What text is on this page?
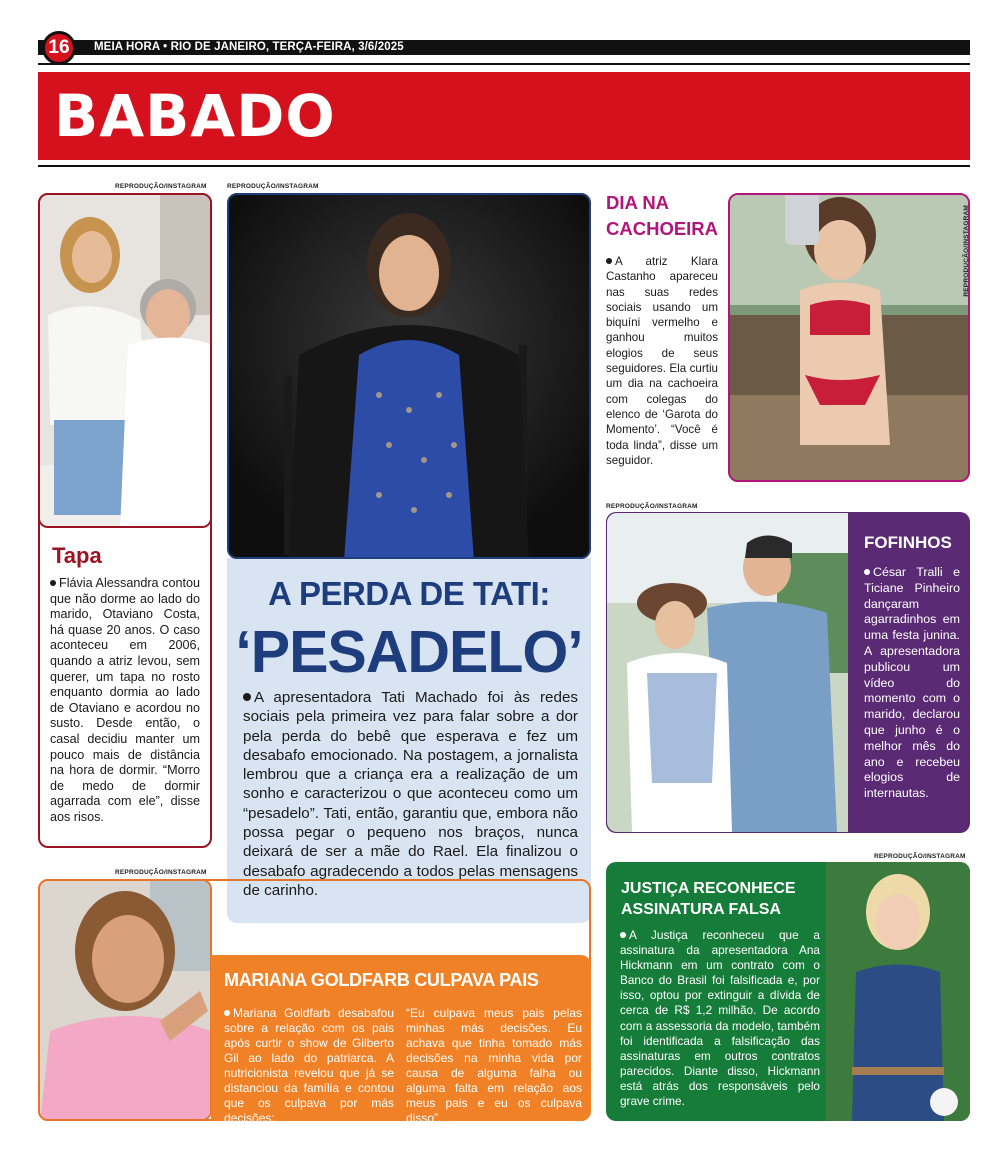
16	MEIA HORA • RIO DE JANEIRO, TERÇA-FEIRA, 3/6/2025
BABADO
REPRODUÇÃO/INSTAGRAM
Tapa
Flávia Alessandra contou que não dorme ao lado do marido, Otaviano Costa, há quase 20 anos. O caso aconteceu em 2006, quando a atriz levou, sem querer, um tapa no rosto enquanto dormia ao lado de Otaviano e acordou no susto. Desde então, o casal decidiu manter um pouco mais de distância na hora de dormir. “Morro de medo de dormir agarrada com ele”, disse aos risos.
REPRODUÇÃO/INSTAGRAM
A PERDA DE TATI:
‘PESADELO’
A apresentadora Tati Machado foi às redes sociais pela primeira vez para falar sobre a dor pela perda do bebê que esperava e fez um desabafo emocionado. Na postagem, a jornalista lembrou que a criança era a realização de um sonho e caracterizou o que aconteceu como um “pesadelo”. Tati, então, garantiu que, embora não possa pegar o pequeno nos braços, nunca deixará de ser a mãe do Rael. Ela finalizou o desabafo agradecendo a todos pelas mensagens de carinho.
DIA NA CACHOEIRA
A atriz Klara Castanho apareceu nas suas redes sociais usando um biquíni vermelho e ganhou muitos elogios de seus seguidores. Ela curtiu um dia na cachoeira com colegas do elenco de ‘Garota do Momento’. “Você é toda linda”, disse um seguidor.
REPRODUÇÃO/INSTAGRAM
REPRODUÇÃO/INSTAGRAM
FOFINHOS
César Tralli e Ticiane Pinheiro dançaram agarradinhos em uma festa junina. A apresentadora publicou um vídeo do momento com o marido, declarou que junho é o melhor mês do ano e recebeu elogios de internautas.
REPRODUÇÃO/INSTAGRAM
JUSTIÇA RECONHECE ASSINATURA FALSA
A Justiça reconheceu que a assinatura da apresentadora Ana Hickmann em um contrato com o Banco do Brasil foi falsificada e, por isso, optou por extinguir a dívida de cerca de R$ 1,2 milhão. De acordo com a assessoria da modelo, também foi identificada a falsificação das assinaturas em outros contratos parecidos. Diante disso, Hickmann está atrás dos responsáveis pelo grave crime.
REPRODUÇÃO/INSTAGRAM
MARIANA GOLDFARB CULPAVA PAIS
Mariana Goldfarb desabafou sobre a relação com os pais após curtir o show de Gilberto Gil ao lado do patriarca. A nutricionista revelou que já se distanciou da família e contou que os culpava por más decisões:
“Eu culpava meus pais pelas minhas más decisões. Eu achava que tinha tomado más decisões na minha vida por causa de alguma falha ou alguma falta em relação aos meus pais e eu os culpava disso”.
